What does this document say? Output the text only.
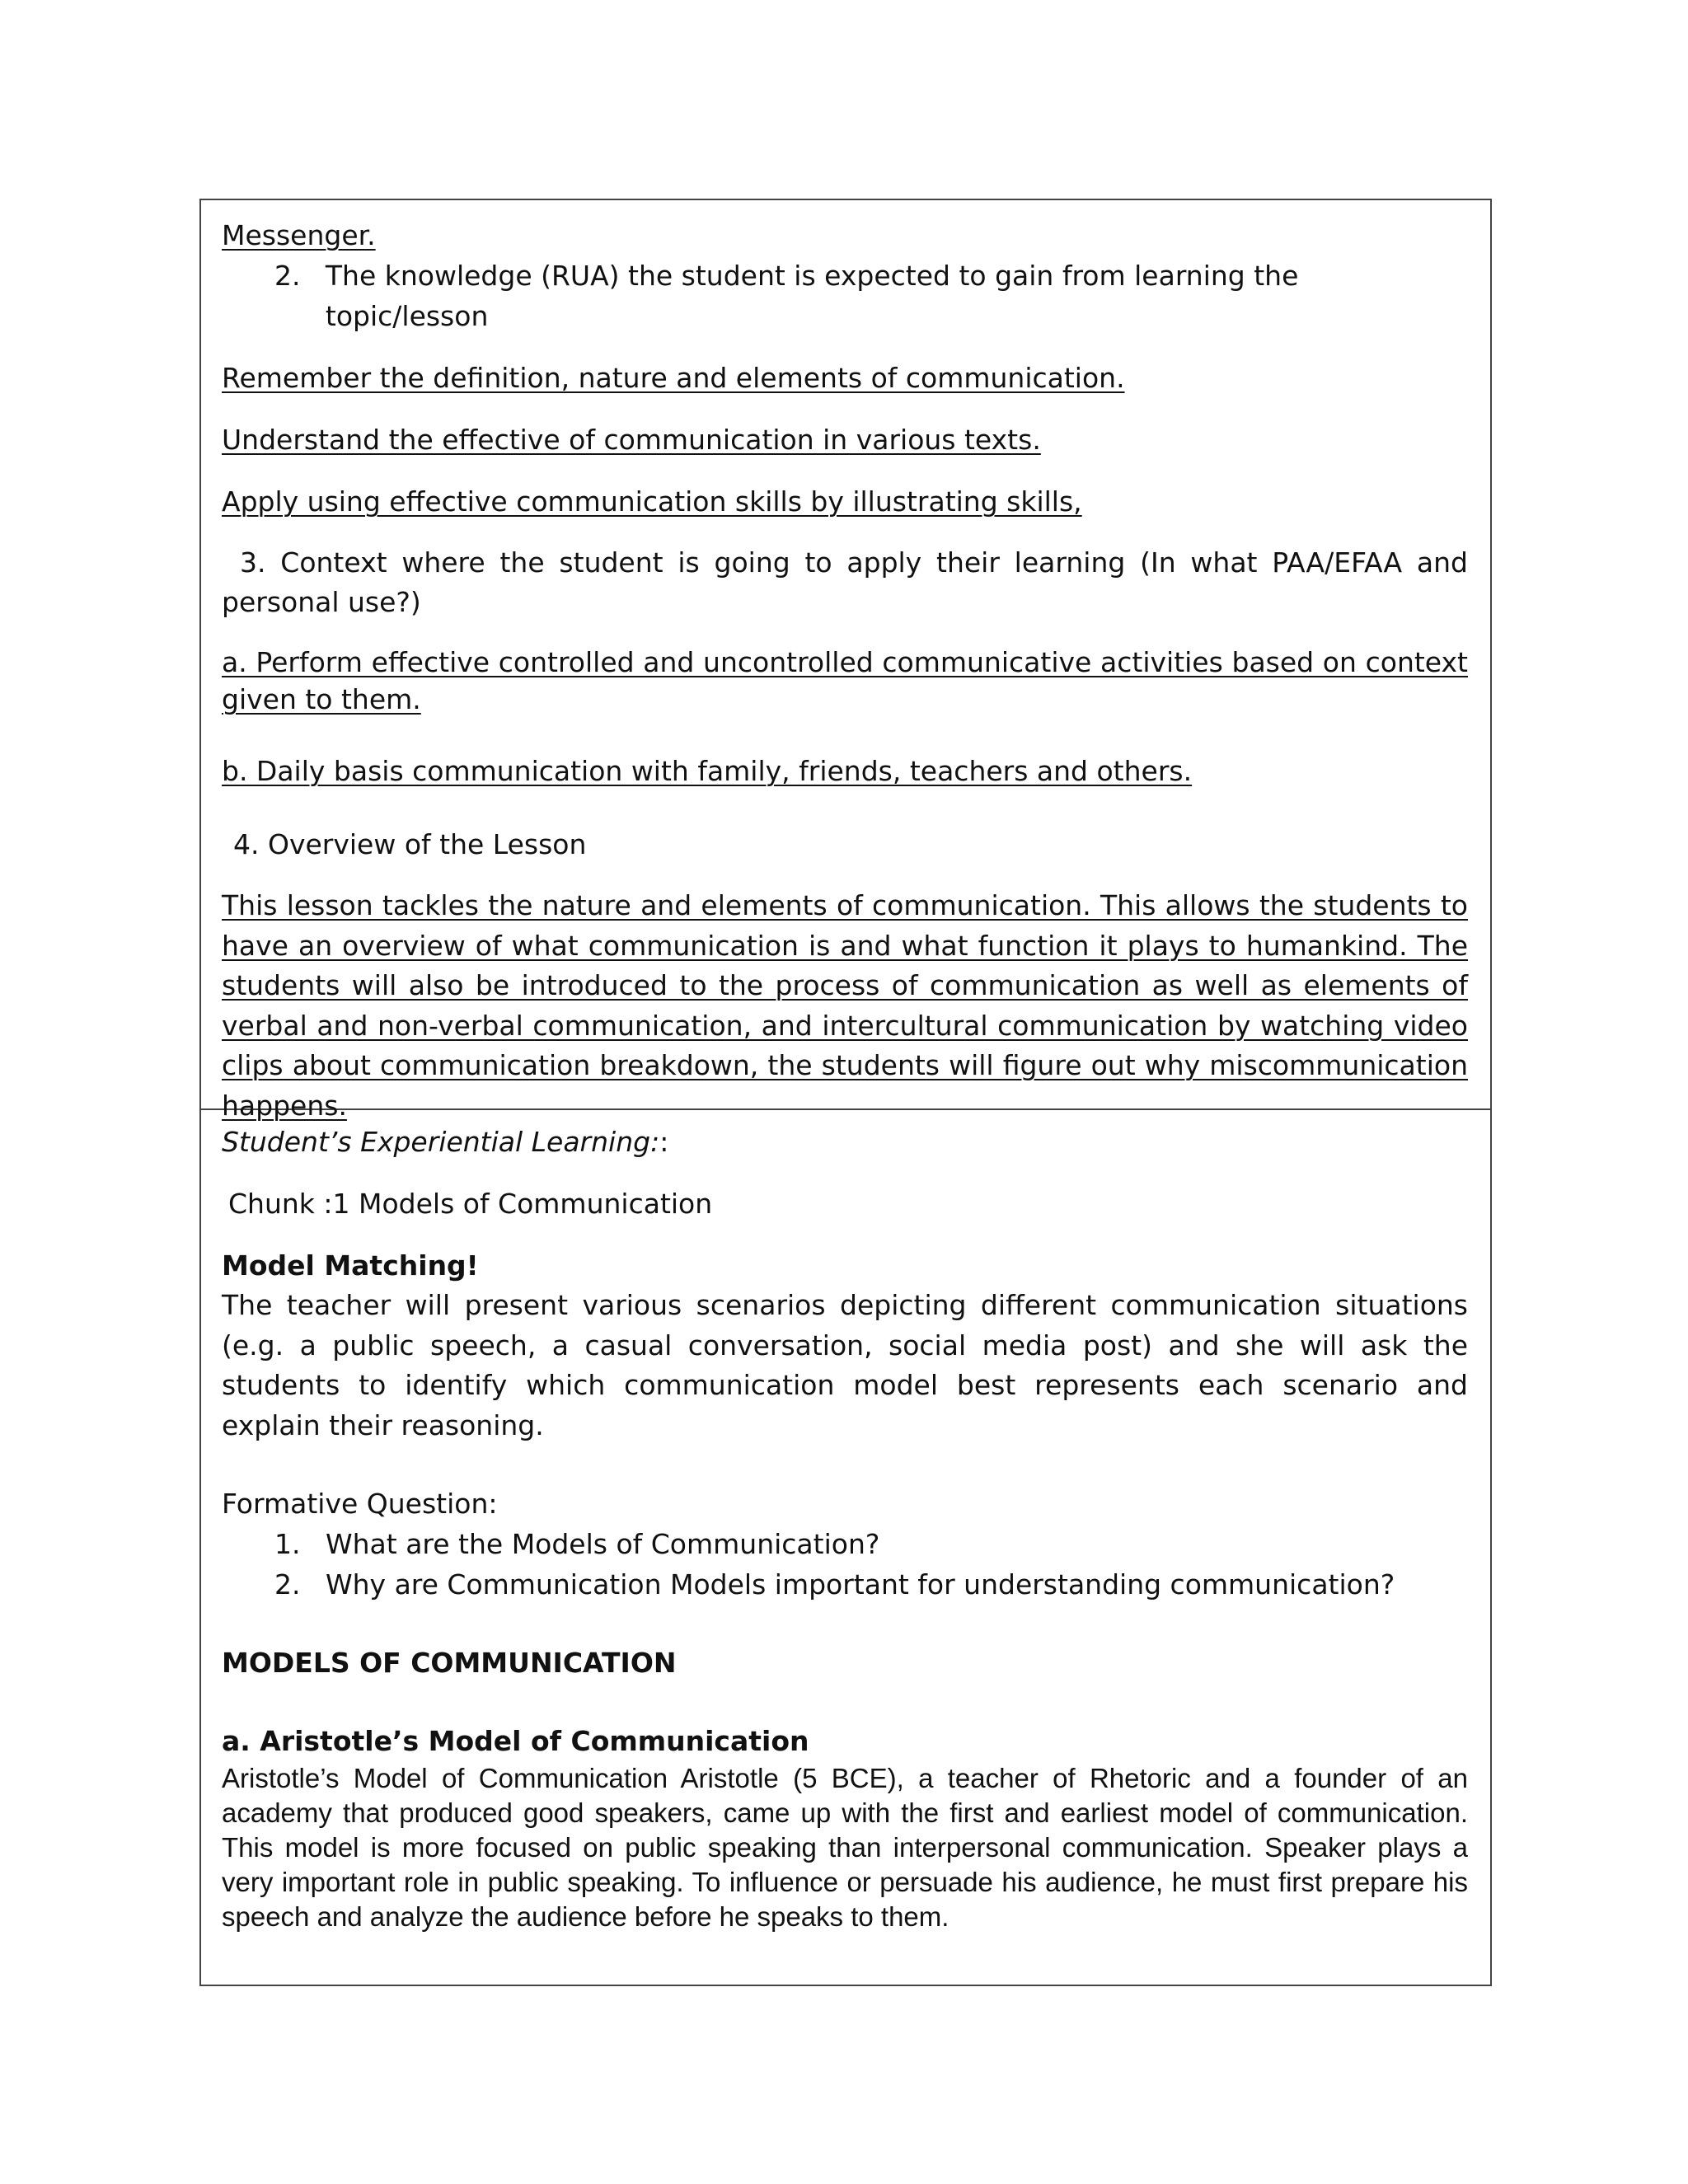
Messenger.

2. The knowledge (RUA) the student is expected to gain from learning the topic/lesson

Remember the definition, nature and elements of communication.

Understand the effective of communication in various texts.

Apply using effective communication skills by illustrating skills,

3. Context where the student is going to apply their learning (In what PAA/EFAA and personal use?)

a. Perform effective controlled and uncontrolled communicative activities based on context given to them.

b. Daily basis communication with family, friends, teachers and others.

4. Overview of the Lesson

This lesson tackles the nature and elements of communication. This allows the students to have an overview of what communication is and what function it plays to humankind. The students will also be introduced to the process of communication as well as elements of verbal and non-verbal communication, and intercultural communication by watching video clips about communication breakdown, the students will figure out why miscommunication happens.

Student’s Experiential Learning::

Chunk :1 Models of Communication

Model Matching!

The teacher will present various scenarios depicting different communication situations (e.g. a public speech, a casual conversation, social media post) and she will ask the students to identify which communication model best represents each scenario and explain their reasoning.

Formative Question:

1. What are the Models of Communication?
2. Why are Communication Models important for understanding communication?

MODELS OF COMMUNICATION

a. Aristotle’s Model of Communication

Aristotle’s Model of Communication Aristotle (5 BCE), a teacher of Rhetoric and a founder of an academy that produced good speakers, came up with the first and earliest model of communication. This model is more focused on public speaking than interpersonal communication. Speaker plays a very important role in public speaking. To influence or persuade his audience, he must first prepare his speech and analyze the audience before he speaks to them.
